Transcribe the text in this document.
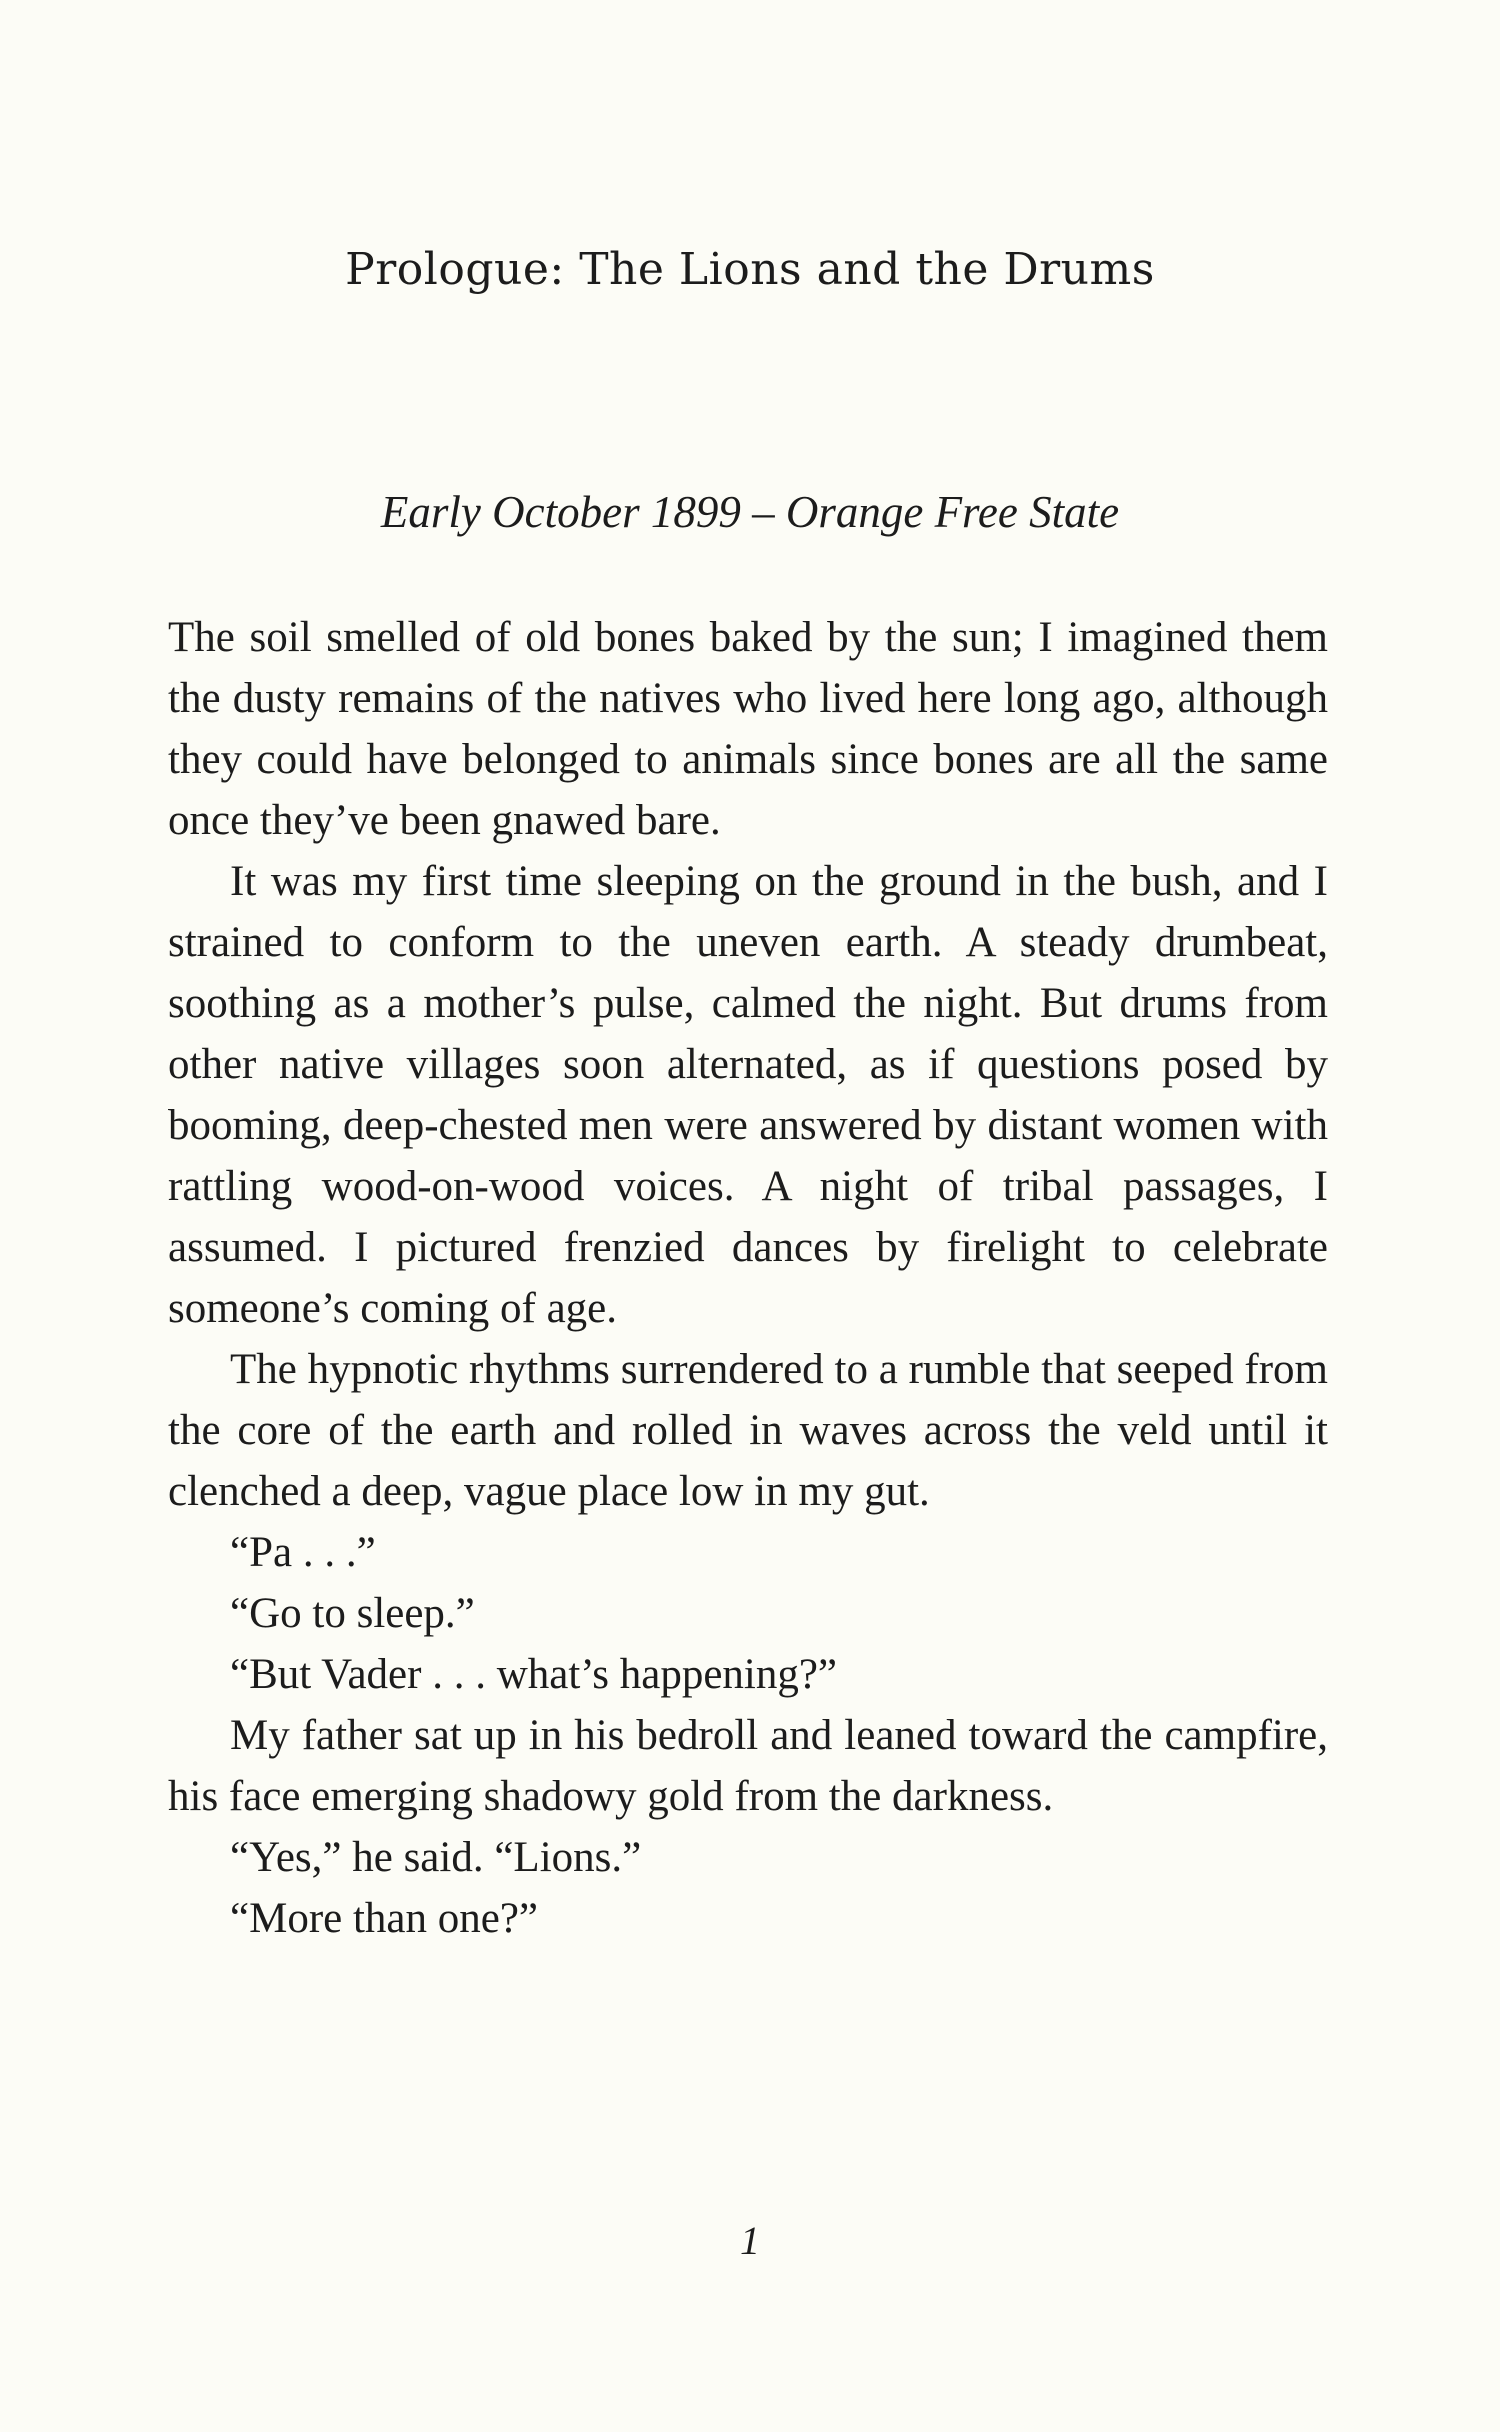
Prologue: The Lions and the Drums
Early October 1899 – Orange Free State

The soil smelled of old bones baked by the sun; I imagined them the dusty remains of the natives who lived here long ago, although they could have belonged to animals since bones are all the same once they’ve been gnawed bare.

It was my first time sleeping on the ground in the bush, and I strained to conform to the uneven earth. A steady drumbeat, soothing as a mother’s pulse, calmed the night. But drums from other native villages soon alternated, as if questions posed by booming, deep-chested men were answered by distant women with rattling wood-on-wood voices. A night of tribal passages, I assumed. I pictured frenzied dances by firelight to celebrate someone’s coming of age.

The hypnotic rhythms surrendered to a rumble that seeped from the core of the earth and rolled in waves across the veld until it clenched a deep, vague place low in my gut.

“Pa . . .”

“Go to sleep.”

“But Vader . . . what’s happening?”

My father sat up in his bedroll and leaned toward the campfire, his face emerging shadowy gold from the darkness.

“Yes,” he said. “Lions.”

“More than one?”

1
